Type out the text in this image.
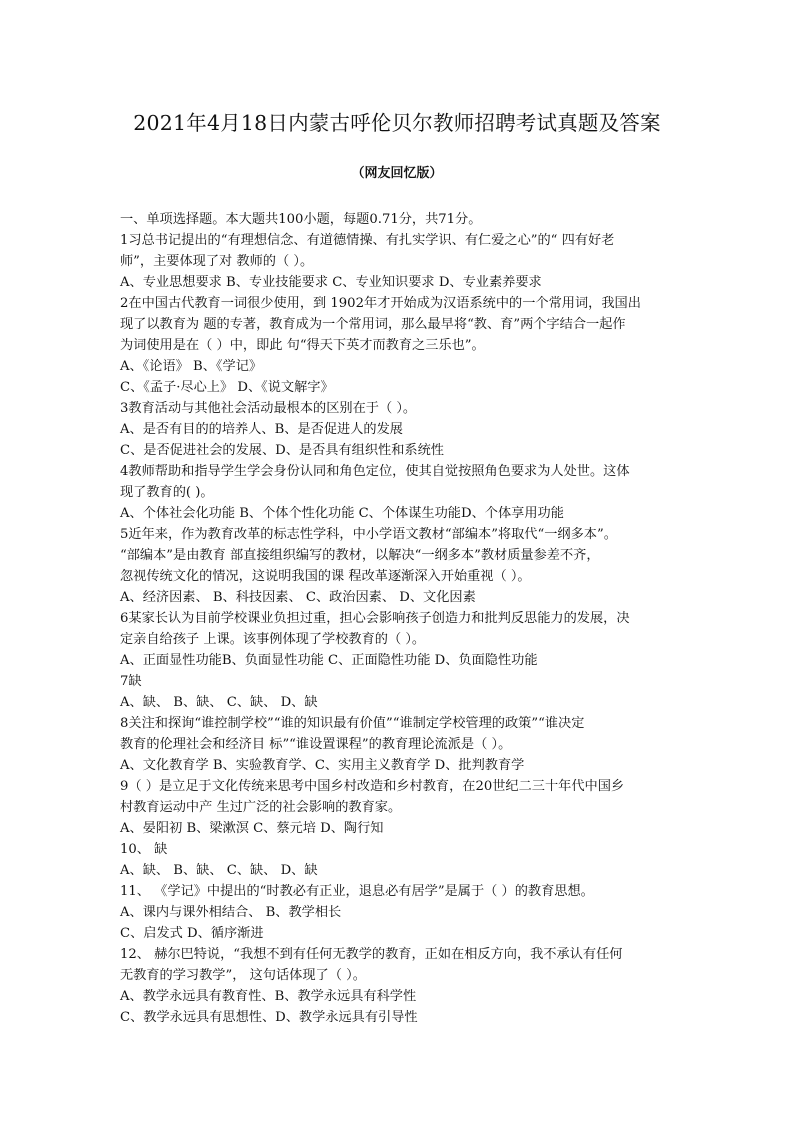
2021年4月18日内蒙古呼伦贝尔教师招聘考试真题及答案
（网友回忆版）
一、单项选择题。本大题共100小题，每题0.71分，共71分。
1习总书记提出的“有理想信念、有道德情操、有扎实学识、有仁爱之心”的“ 四有好老
师”，主要体现了对 教师的（ ）。
A、专业思想要求 B、专业技能要求 C、专业知识要求 D、专业素养要求
2在中国古代教育一词很少使用，到 1902年才开始成为汉语系统中的一个常用词，我国出
现了以教育为 题的专著，教育成为一个常用词，那么最早将“教、育”两个字结合一起作
为词使用是在（ ）中，即此 句“得天下英才而教育之三乐也”。
A、《论语》 B、《学记》
C、《孟子·尽心上》 D、《说文解字》
3教育活动与其他社会活动最根本的区别在于（ ）。
A、是否有目的的培养人、B、是否促进人的发展
C、是否促进社会的发展、D、是否具有组织性和系统性
4教师帮助和指导学生学会身份认同和角色定位，使其自觉按照角色要求为人处世。这体
现了教育的( )。
A、个体社会化功能 B、个体个性化功能 C、个体谋生功能D、个体享用功能
5近年来，作为教育改革的标志性学科，中小学语文教材“部编本”将取代“一纲多本”。
“部编本”是由教育 部直接组织编写的教材，以解决“一纲多本”教材质量参差不齐，
忽视传统文化的情况，这说明我国的课 程改革逐渐深入开始重视（ ）。
A、经济因素、 B、科技因素、 C、政治因素、 D、文化因素
6某家长认为目前学校课业负担过重，担心会影响孩子创造力和批判反思能力的发展，决
定亲自给孩子 上课。该事例体现了学校教育的（ ）。
A、正面显性功能B、负面显性功能 C、正面隐性功能 D、负面隐性功能
7缺
A、缺、 B、缺、 C、缺、 D、缺
8关注和探询“谁控制学校”“谁的知识最有价值”“谁制定学校管理的政策”“谁决定
教育的伦理社会和经济目 标”“谁设置课程”的教育理论流派是（ ）。
A、文化教育学 B、实验教育学、C、实用主义教育学 D、批判教育学
9（ ）是立足于文化传统来思考中国乡村改造和乡村教育，在20世纪二三十年代中国乡
村教育运动中产 生过广泛的社会影响的教育家。
A、晏阳初 B、梁漱溟 C、蔡元培 D、陶行知
10、 缺
A、缺、 B、缺、 C、缺、 D、缺
11、 《学记》中提出的“时教必有正业，退息必有居学”是属于（ ）的教育思想。
A、课内与课外相结合、 B、教学相长
C、启发式 D、循序渐进
12、 赫尔巴特说，“我想不到有任何无教学的教育，正如在相反方向，我不承认有任何
无教育的学习教学”， 这句话体现了（ ）。
A、教学永远具有教育性、B、教学永远具有科学性
C、教学永远具有思想性、D、教学永远具有引导性
